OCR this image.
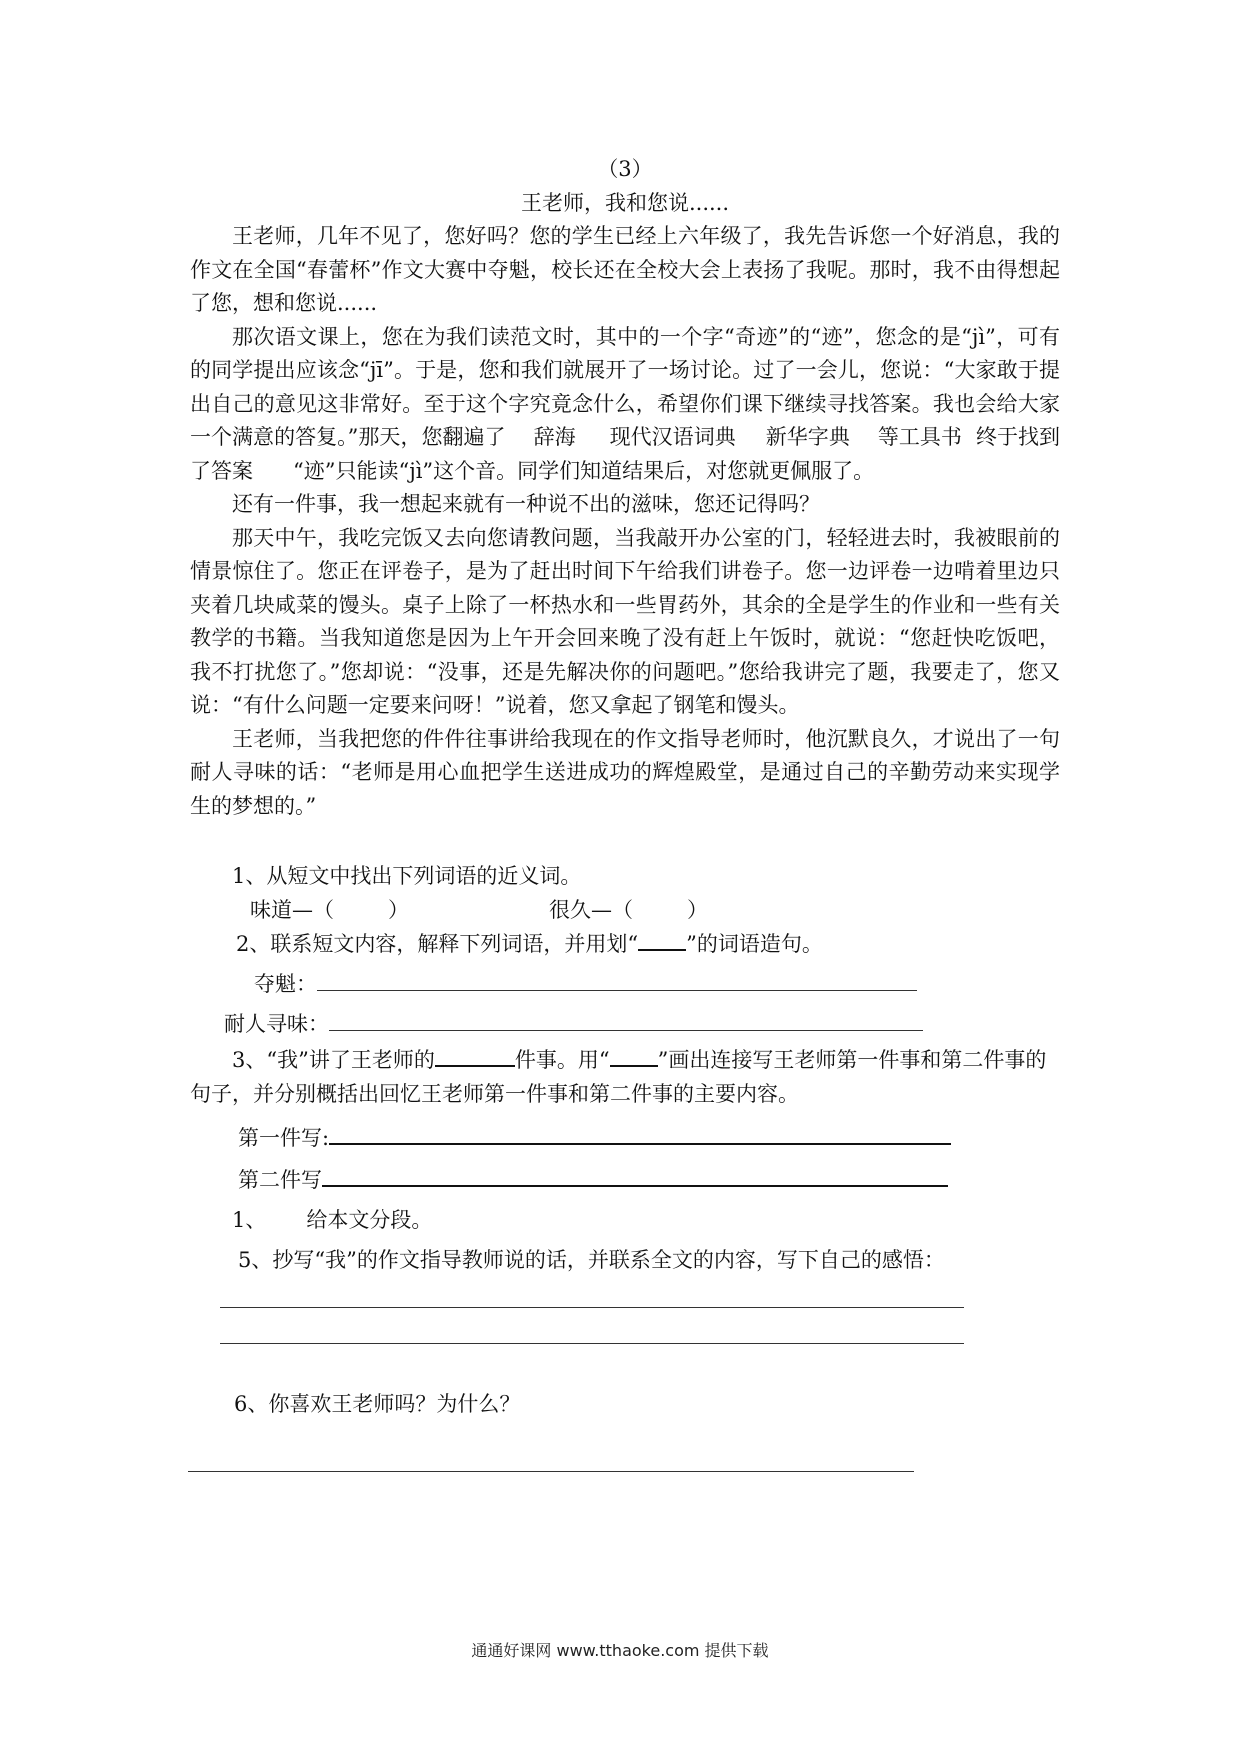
（3）
王老师，我和您说......

王老师，几年不见了，您好吗？您的学生已经上六年级了，我先告诉您一个好消息，我的作文在全国“春蕾杯”作文大赛中夺魁，校长还在全校大会上表扬了我呢。那时，我不由得想起了您，想和您说......

那次语文课上，您在为我们读范文时，其中的一个字“奇迹”的“迹”，您念的是“jì”，可有的同学提出应该念“jī”。于是，您和我们就展开了一场讨论。过了一会儿，您说：“大家敢于提出自己的意见这非常好。至于这个字究竟念什么，希望你们课下继续寻找答案。我也会给大家一个满意的答复。”那天，您翻遍了 辞海 现代汉语词典 新华字典 等工具书 终于找到了答案 “迹”只能读“jì”这个音。同学们知道结果后，对您就更佩服了。

还有一件事，我一想起来就有一种说不出的滋味，您还记得吗？

那天中午，我吃完饭又去向您请教问题，当我敲开办公室的门，轻轻进去时，我被眼前的情景惊住了。您正在评卷子，是为了赶出时间下午给我们讲卷子。您一边评卷一边啃着里边只夹着几块咸菜的馒头。桌子上除了一杯热水和一些胃药外，其余的全是学生的作业和一些有关教学的书籍。当我知道您是因为上午开会回来晚了没有赶上午饭时，就说：“您赶快吃饭吧，我不打扰您了。”您却说：“没事，还是先解决你的问题吧。”您给我讲完了题，我要走了，您又说：“有什么问题一定要来问呀！”说着，您又拿起了钢笔和馒头。

王老师，当我把您的件件往事讲给我现在的作文指导老师时，他沉默良久，才说出了一句耐人寻味的话：“老师是用心血把学生送进成功的辉煌殿堂，是通过自己的辛勤劳动来实现学生的梦想的。”

1、从短文中找出下列词语的近义词。

味道—（	）	很久—（	）

2、联系短文内容，解释下列词语，并用划“ ”的词语造句。

夺魁：

耐人寻味：

3、“我”讲了王老师的	件事。用“ ”画出连接写王老师第一件事和第二件事的句子，并分别概括出回忆王老师第一件事和第二件事的主要内容。

第一件写:

第二件写

1、 给本文分段。

5、抄写“我”的作文指导教师说的话，并联系全文的内容，写下自己的感悟：

6、你喜欢王老师吗？为什么？

通通好课网 www.tthaoke.com 提供下载
